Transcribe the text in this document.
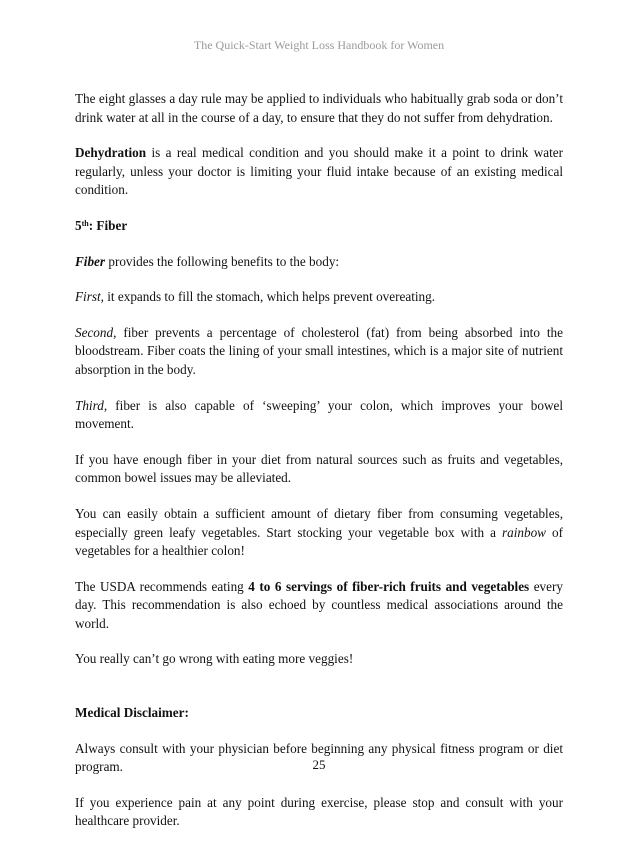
The Quick-Start Weight Loss Handbook for Women

The eight glasses a day rule may be applied to individuals who habitually grab soda or don’t drink water at all in the course of a day, to ensure that they do not suffer from dehydration.

Dehydration is a real medical condition and you should make it a point to drink water regularly, unless your doctor is limiting your fluid intake because of an existing medical condition.

5th: Fiber

Fiber provides the following benefits to the body:

First, it expands to fill the stomach, which helps prevent overeating.

Second, fiber prevents a percentage of cholesterol (fat) from being absorbed into the bloodstream. Fiber coats the lining of your small intestines, which is a major site of nutrient absorption in the body.

Third, fiber is also capable of ‘sweeping’ your colon, which improves your bowel movement.

If you have enough fiber in your diet from natural sources such as fruits and vegetables, common bowel issues may be alleviated.

You can easily obtain a sufficient amount of dietary fiber from consuming vegetables, especially green leafy vegetables. Start stocking your vegetable box with a rainbow of vegetables for a healthier colon!

The USDA recommends eating 4 to 6 servings of fiber-rich fruits and vegetables every day. This recommendation is also echoed by countless medical associations around the world.

You really can’t go wrong with eating more veggies!

Medical Disclaimer:

Always consult with your physician before beginning any physical fitness program or diet program.

If you experience pain at any point during exercise, please stop and consult with your healthcare provider.

25
